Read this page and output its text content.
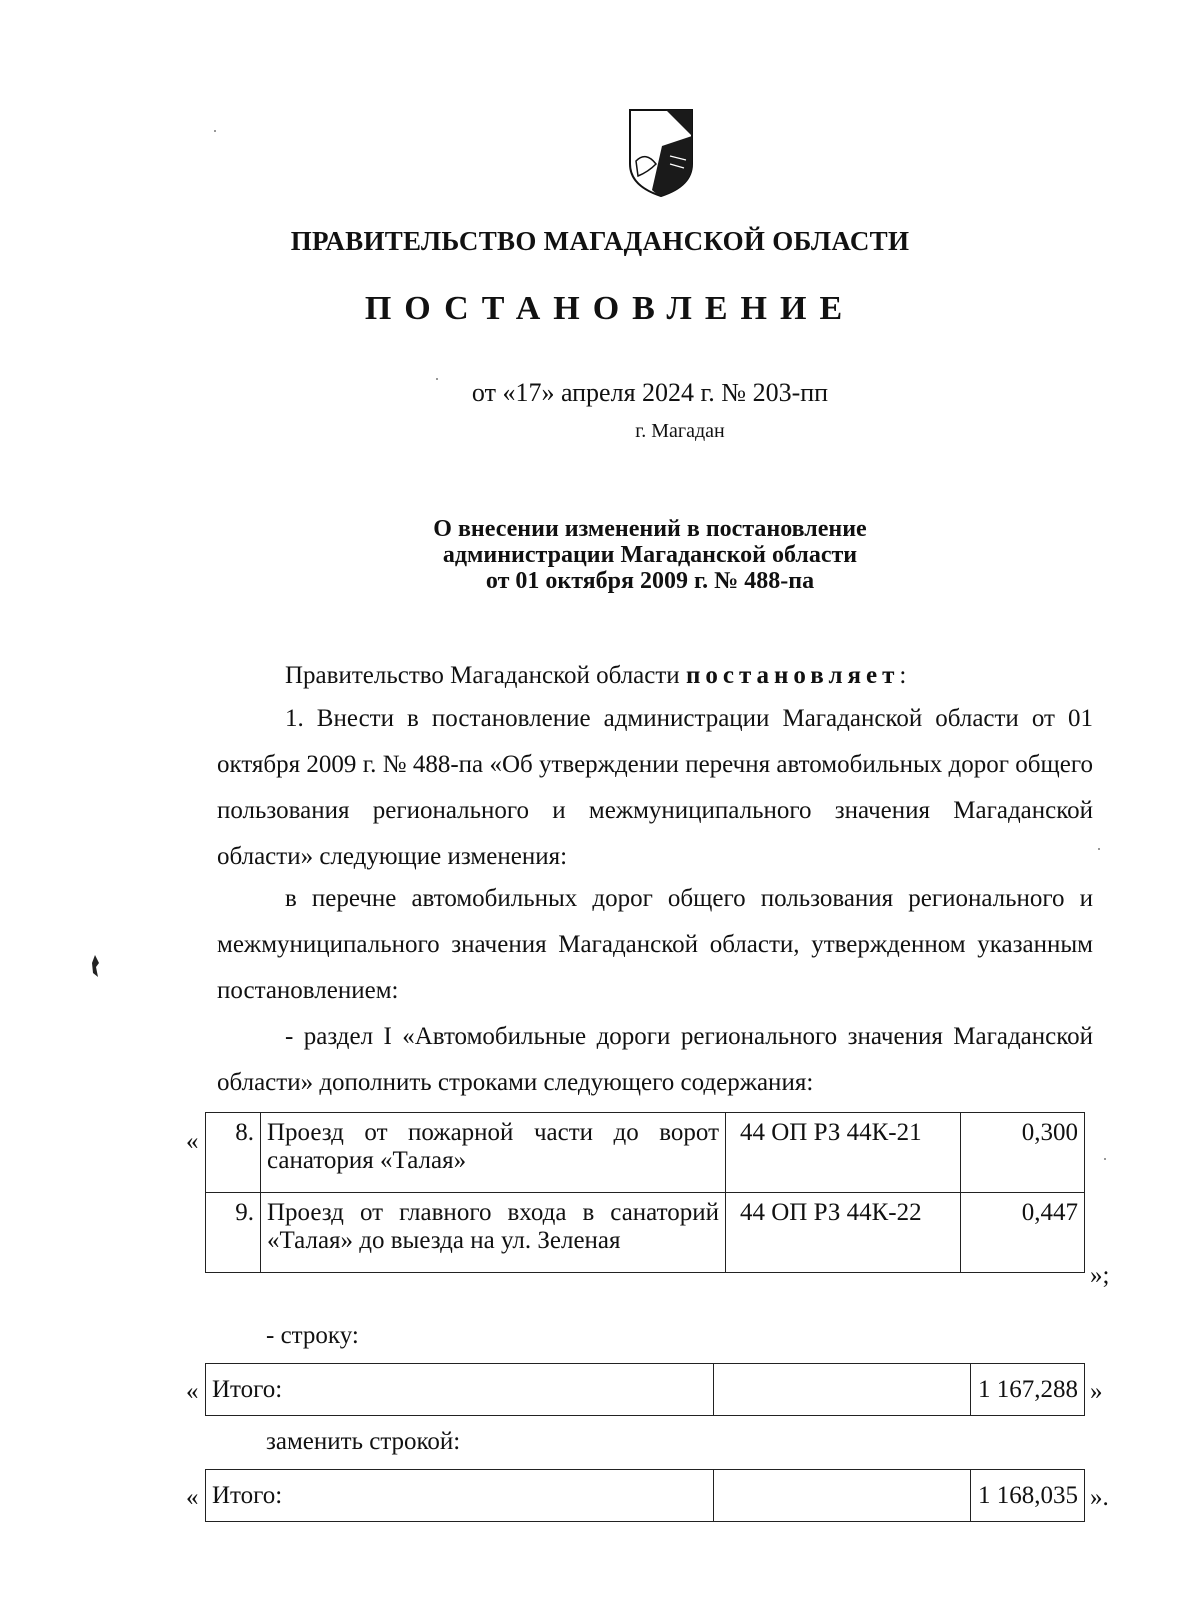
ПРАВИТЕЛЬСТВО МАГАДАНСКОЙ ОБЛАСТИ
ПОСТАНОВЛЕНИЕ
от «17» апреля 2024 г. № 203-пп
г. Магадан
О внесении изменений в постановление
администрации Магаданской области
от 01 октября 2009 г. № 488-па
Правительство Магаданской области постановляет:
1. Внести в постановление администрации Магаданской области от 01 октября 2009 г. № 488-па «Об утверждении перечня автомобильных дорог общего пользования регионального и межмуниципального значения Магаданской области» следующие изменения:
в перечне автомобильных дорог общего пользования регионального и межмуниципального значения Магаданской области, утвержденном указанным постановлением:
- раздел I «Автомобильные дороги регионального значения Магаданской области» дополнить строками следующего содержания:
« 8.	Проезд от пожарной части до ворот санатория «Талая»	44 ОП РЗ 44К-21	0,300
9.	Проезд от главного входа в санаторий «Талая» до выезда на ул. Зеленая	44 ОП РЗ 44К-22	0,447
»;
- строку:
« Итого:		1 167,288 »
заменить строкой:
« Итого:		1 168,035 ».
